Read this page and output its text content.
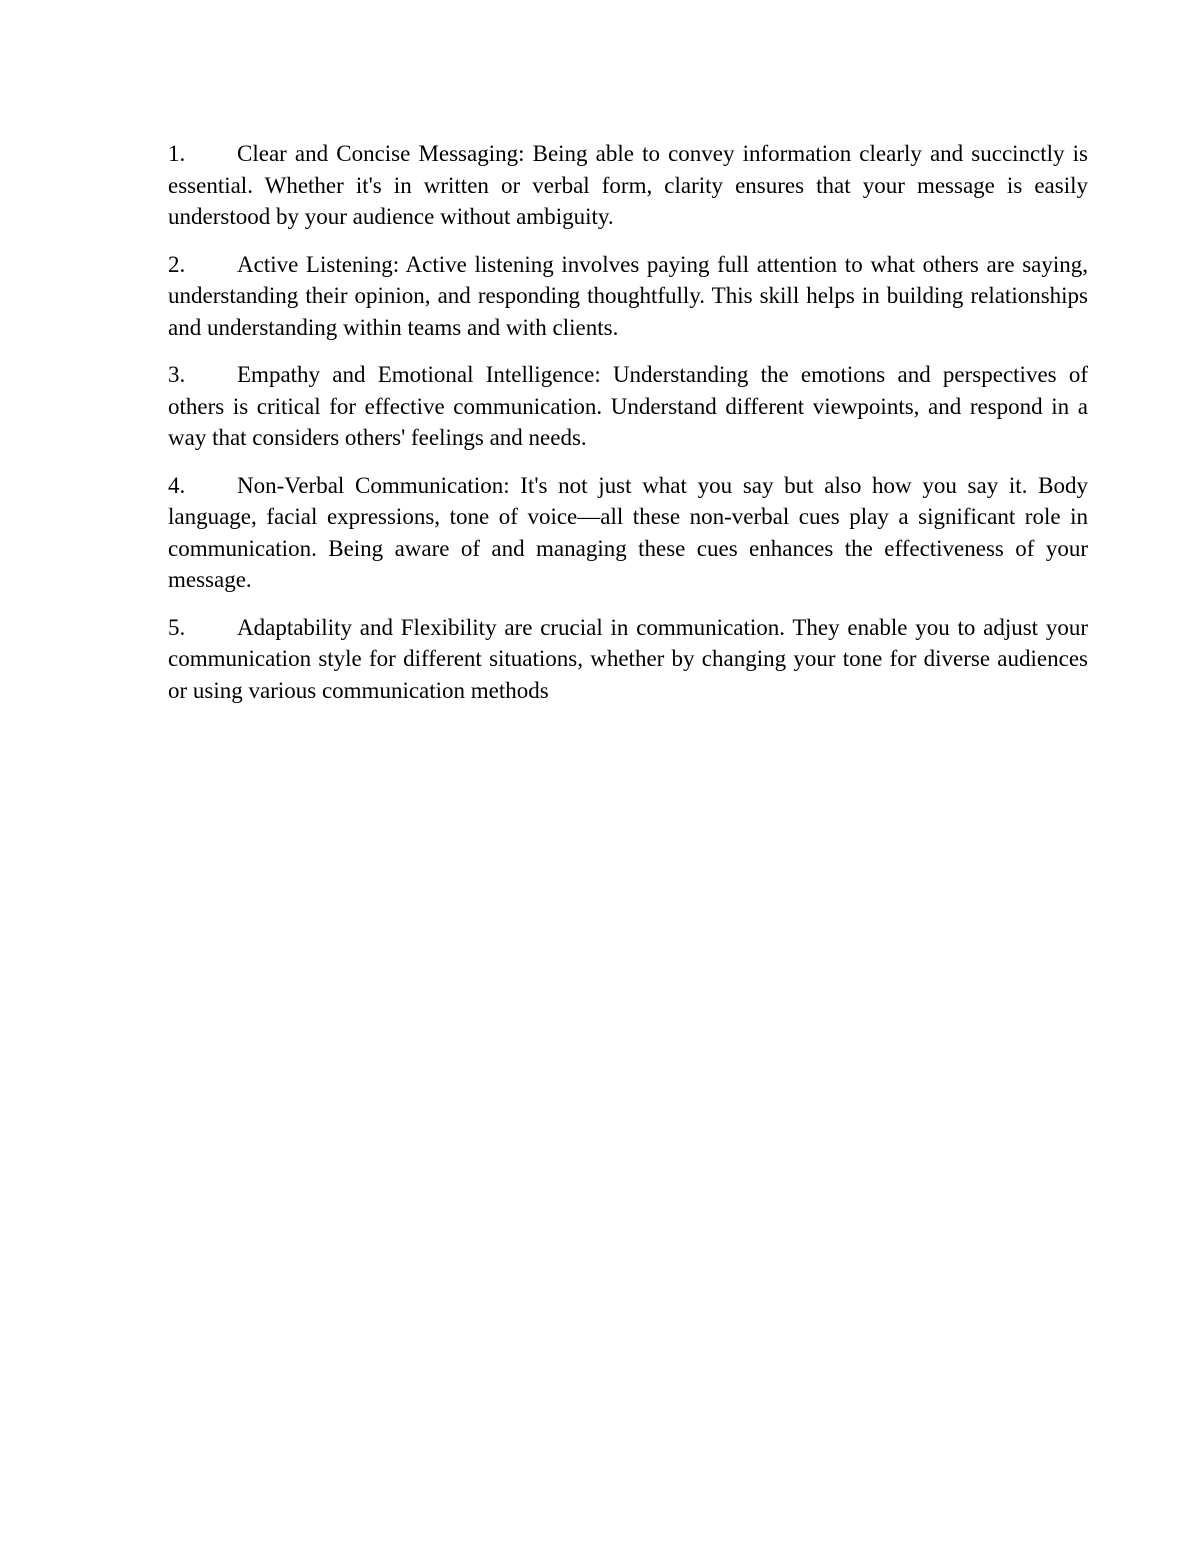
1. Clear and Concise Messaging: Being able to convey information clearly and succinctly is essential. Whether it's in written or verbal form, clarity ensures that your message is easily understood by your audience without ambiguity.

2. Active Listening: Active listening involves paying full attention to what others are saying, understanding their opinion, and responding thoughtfully. This skill helps in building relationships and understanding within teams and with clients.

3. Empathy and Emotional Intelligence: Understanding the emotions and perspectives of others is critical for effective communication. Understand different viewpoints, and respond in a way that considers others' feelings and needs.

4. Non-Verbal Communication: It's not just what you say but also how you say it. Body language, facial expressions, tone of voice—all these non-verbal cues play a significant role in communication. Being aware of and managing these cues enhances the effectiveness of your message.

5. Adaptability and Flexibility are crucial in communication. They enable you to adjust your communication style for different situations, whether by changing your tone for diverse audiences or using various communication methods
